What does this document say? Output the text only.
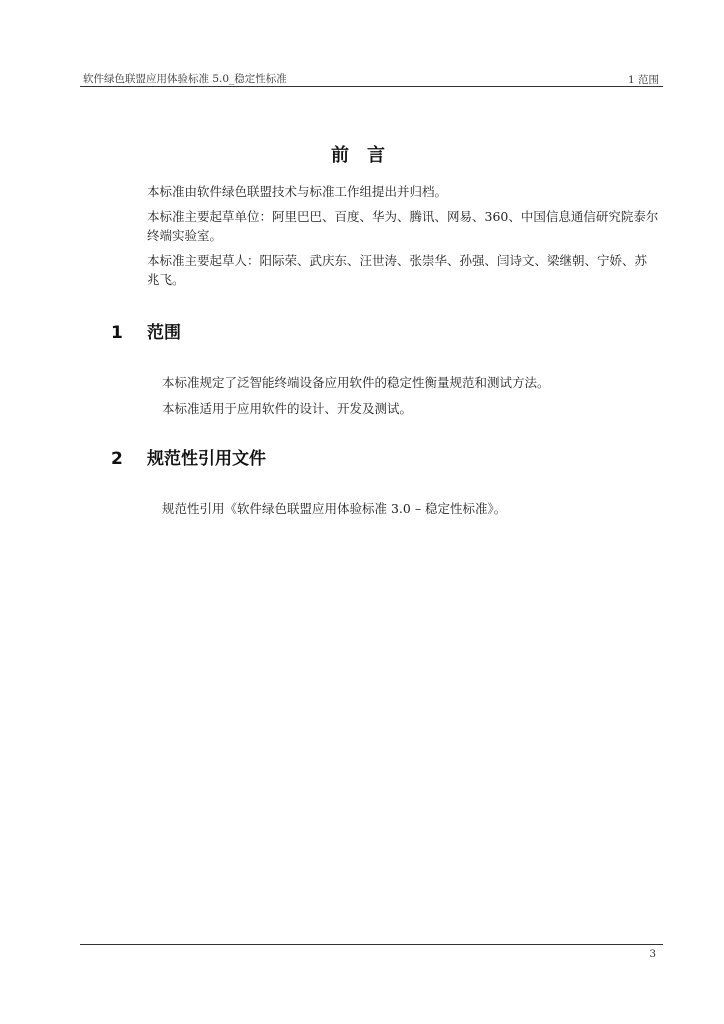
软件绿色联盟应用体验标准 5.0_稳定性标准	1 范围
前言

本标准由软件绿色联盟技术与标准工作组提出并归档。

本标准主要起草单位：阿里巴巴、百度、华为、腾讯、网易、360、中国信息通信研究院泰尔终端实验室。

本标准主要起草人：阳际荣、武庆东、汪世涛、张崇华、孙强、闫诗文、梁继朝、宁娇、苏兆飞。

1 范围

本标准规定了泛智能终端设备应用软件的稳定性衡量规范和测试方法。

本标准适用于应用软件的设计、开发及测试。

2 规范性引用文件

规范性引用《软件绿色联盟应用体验标准 3.0 – 稳定性标准》。

3
